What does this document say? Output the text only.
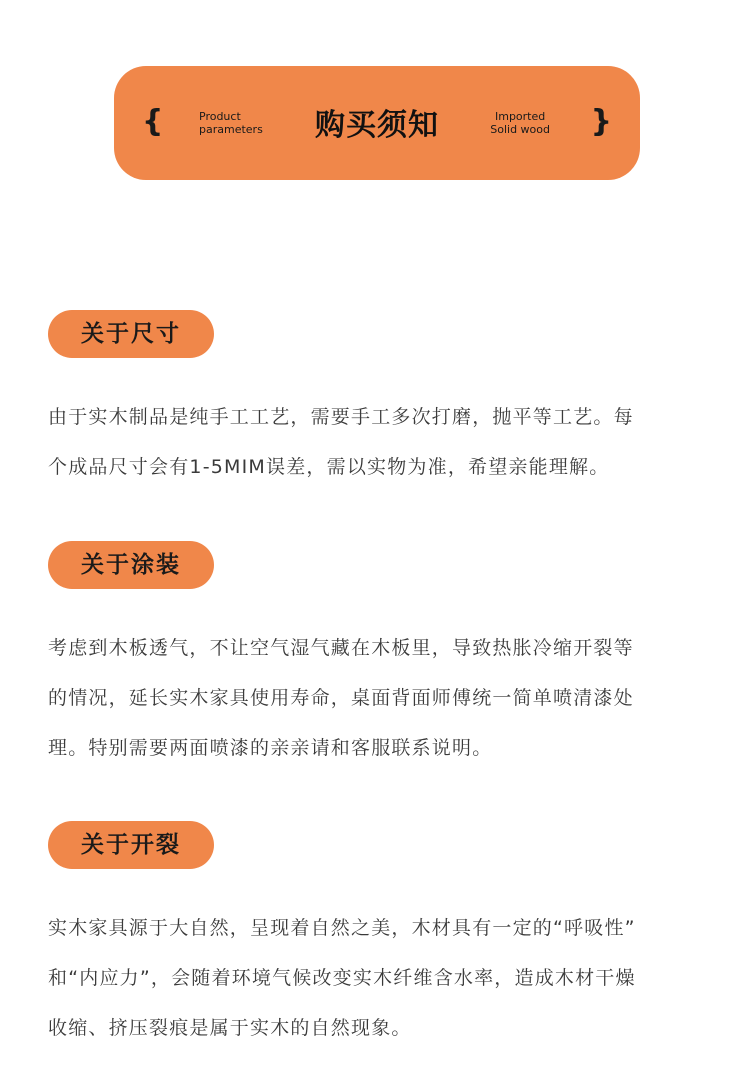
{	Product
parameters	购买须知	Imported
Solid wood }
关于尺寸
由于实木制品是纯手工工艺，需要手工多次打磨，抛平等工艺。每
个成品尺寸会有1-5MIM误差，需以实物为准，希望亲能理解。
关于涂装
考虑到木板透气，不让空气湿气藏在木板里，导致热胀冷缩开裂等
的情况，延长实木家具使用寿命，桌面背面师傅统一简单喷清漆处
理。特别需要两面喷漆的亲亲请和客服联系说明。
关于开裂
实木家具源于大自然，呈现着自然之美，木材具有一定的“呼吸性”
和“内应力”，会随着环境气候改变实木纤维含水率，造成木材干燥
收缩、挤压裂痕是属于实木的自然现象。
